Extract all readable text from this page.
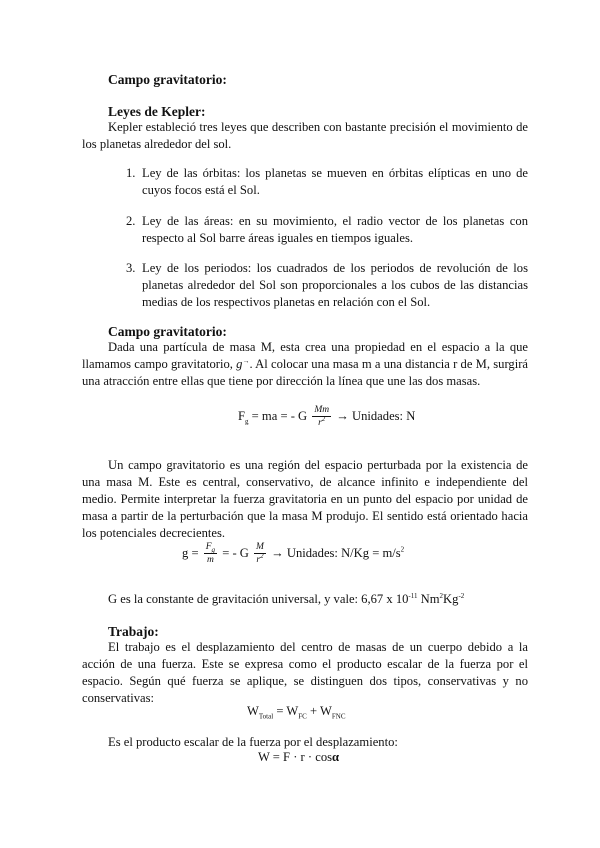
Campo gravitatorio:
Leyes de Kepler:
Kepler estableció tres leyes que describen con bastante precisión el movimiento de los planetas alrededor del sol.
1. Ley de las órbitas: los planetas se mueven en órbitas elípticas en uno de cuyos focos está el Sol.
2. Ley de las áreas: en su movimiento, el radio vector de los planetas con respecto al Sol barre áreas iguales en tiempos iguales.
3. Ley de los periodos: los cuadrados de los periodos de revolución de los planetas alrededor del Sol son proporcionales a los cubos de las distancias medias de los respectivos planetas en relación con el Sol.
Campo gravitatorio:
Dada una partícula de masa M, esta crea una propiedad en el espacio a la que llamamos campo gravitatorio, g→. Al colocar una masa m a una distancia r de M, surgirá una atracción entre ellas que tiene por dirección la línea que une las dos masas.
$F_g$ = ma = - G $\frac{Mm}{r^2}$ → Unidades: N
Un campo gravitatorio es una región del espacio perturbada por la existencia de una masa M. Este es central, conservativo, de alcance infinito e independiente del medio. Permite interpretar la fuerza gravitatoria en un punto del espacio por unidad de masa a partir de la perturbación que la masa M produjo. El sentido está orientado hacia los potenciales decrecientes.
$g = \frac{F_g}{m}$ = - G $\frac{M}{r^2}$ → Unidades: $N/Kg = m/s^2$
G es la constante de gravitación universal, y vale: 6,67 x $10^{-11}$ $Nm^2Kg^{-2}$
Trabajo:
El trabajo es el desplazamiento del centro de masas de un cuerpo debido a la acción de una fuerza. Este se expresa como el producto escalar de la fuerza por el espacio. Según qué fuerza se aplique, se distinguen dos tipos, conservativas y no conservativas:
$W_{Total} = W_{FC} + W_{FNC}$
Es el producto escalar de la fuerza por el desplazamiento:
W = F · r · cosα
